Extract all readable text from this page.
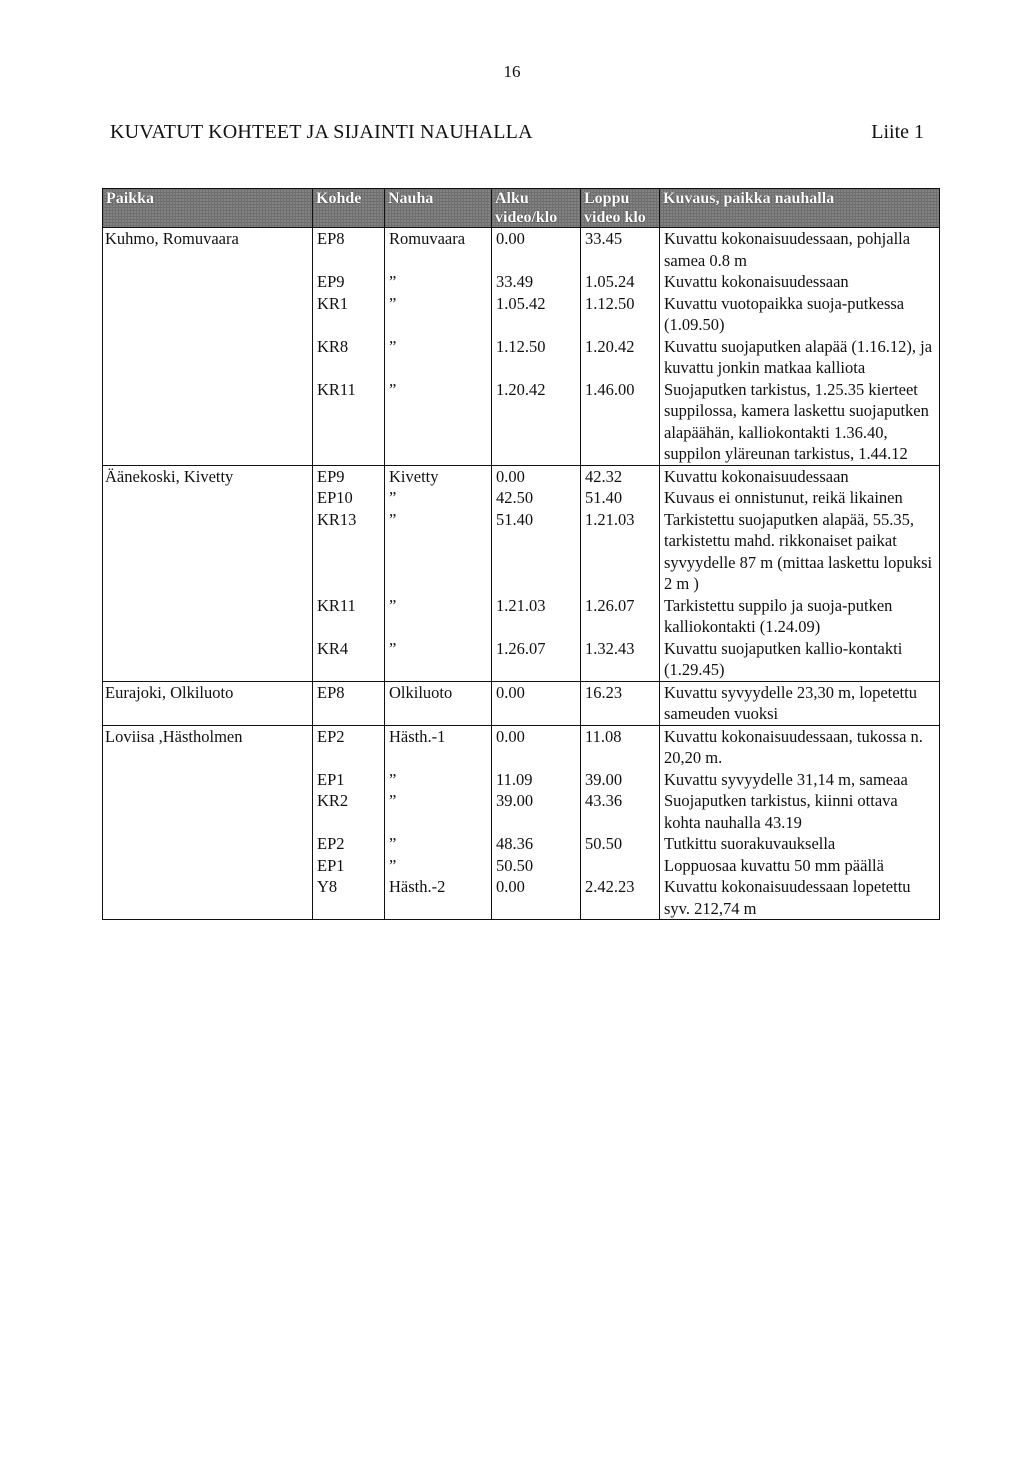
16
KUVATUT KOHTEET JA SIJAINTI NAUHALLA	Liite 1
Paikka	Kohde	Nauha	Alku video/klo	Loppu video klo	Kuvaus, paikka nauhalla
Kuhmo, Romuvaara	EP8	Romuvaara	0.00	33.45	Kuvattu kokonaisuudessaan, pohjalla samea 0.8 m
	EP9	”	33.49	1.05.24	Kuvattu kokonaisuudessaan
	KR1	”	1.05.42	1.12.50	Kuvattu vuotopaikka suoja-putkessa (1.09.50)
	KR8	”	1.12.50	1.20.42	Kuvattu suojaputken alapää (1.16.12), ja kuvattu jonkin matkaa kalliota
	KR11	”	1.20.42	1.46.00	Suojaputken tarkistus, 1.25.35 kierteet suppilossa, kamera laskettu suojaputken alapäähän, kalliokontakti 1.36.40, suppilon yläreunan tarkistus, 1.44.12
Äänekoski, Kivetty	EP9	Kivetty	0.00	42.32	Kuvattu kokonaisuudessaan
	EP10	”	42.50	51.40	Kuvaus ei onnistunut, reikä likainen
	KR13	”	51.40	1.21.03	Tarkistettu suojaputken alapää, 55.35, tarkistettu mahd. rikkonaiset paikat syvyydelle 87 m (mittaa laskettu lopuksi 2 m )
	KR11	”	1.21.03	1.26.07	Tarkistettu suppilo ja suoja-putken kalliokontakti (1.24.09)
	KR4	”	1.26.07	1.32.43	Kuvattu suojaputken kallio-kontakti (1.29.45)
Eurajoki, Olkiluoto	EP8	Olkiluoto	0.00	16.23	Kuvattu syvyydelle 23,30 m, lopetettu sameuden vuoksi
Loviisa ,Hästholmen	EP2	Hästh.-1	0.00	11.08	Kuvattu kokonaisuudessaan, tukossa n. 20,20 m.
	EP1	”	11.09	39.00	Kuvattu syvyydelle 31,14 m, sameaa
	KR2	”	39.00	43.36	Suojaputken tarkistus, kiinni ottava kohta nauhalla 43.19
	EP2	”	48.36	50.50	Tutkittu suorakuvauksella
	EP1	”	50.50		Loppuosaa kuvattu 50 mm päällä
	Y8	Hästh.-2	0.00	2.42.23	Kuvattu kokonaisuudessaan lopetettu syv. 212,74 m
